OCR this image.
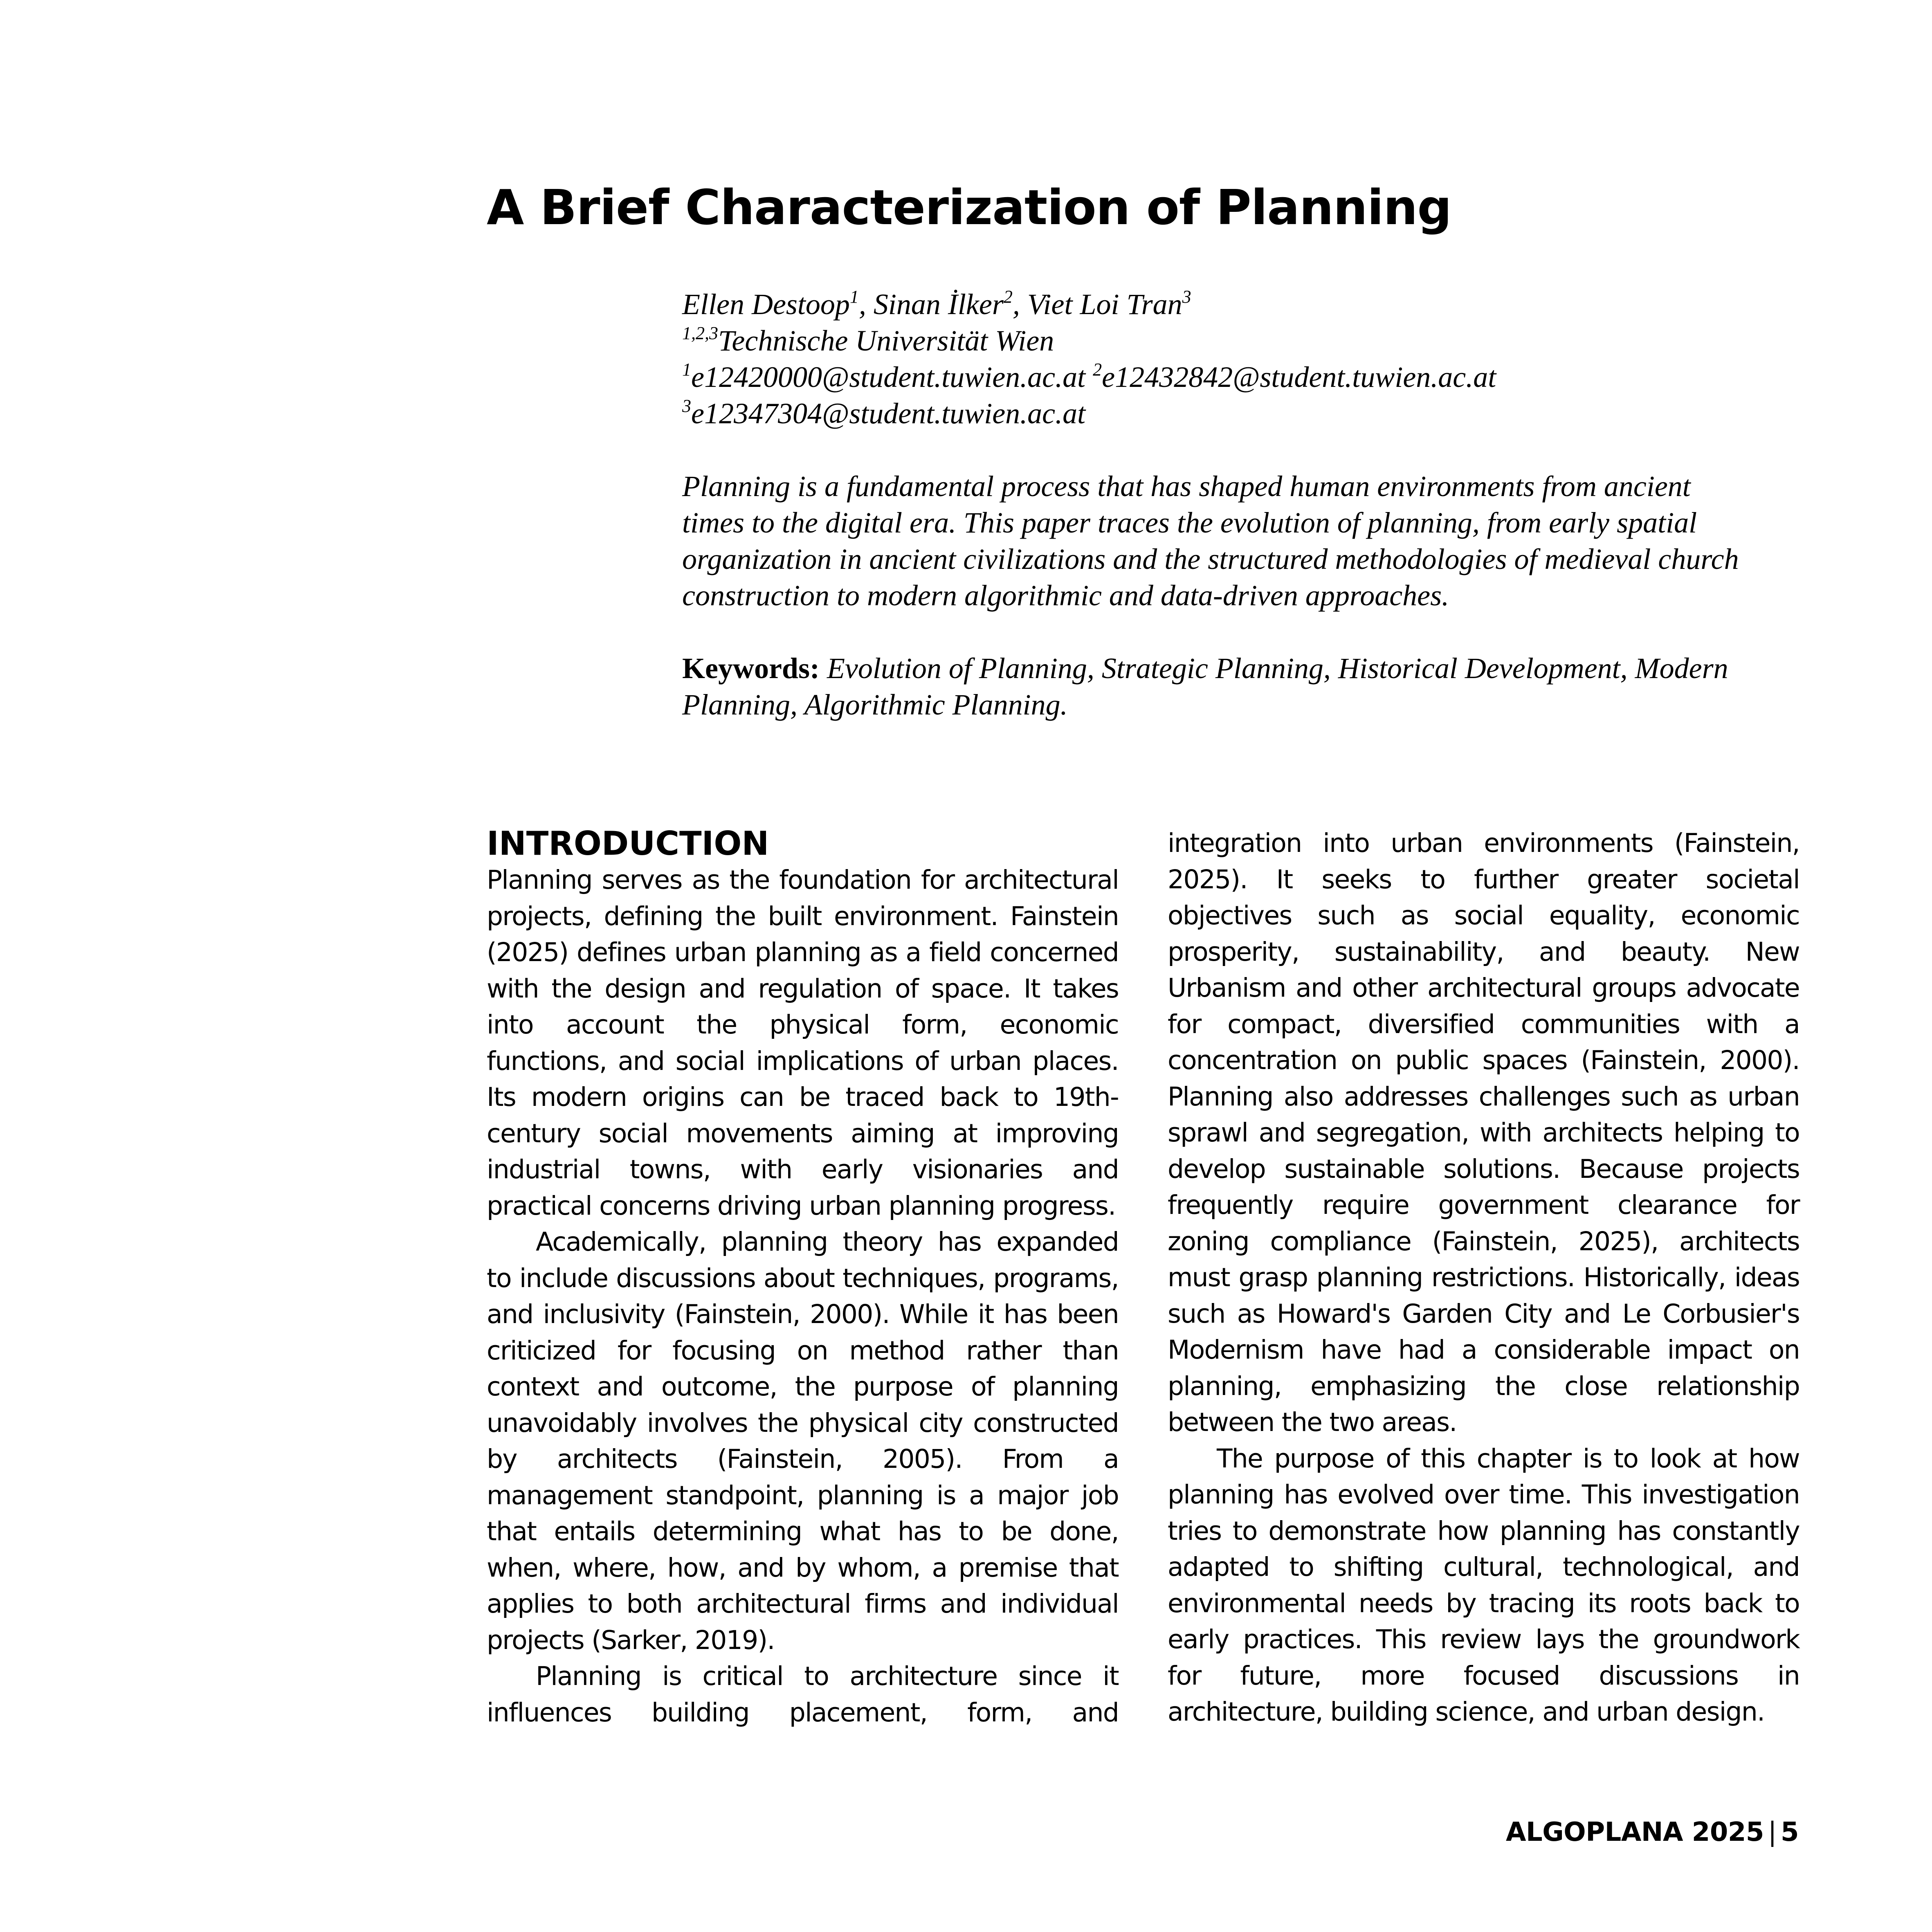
A Brief Characterization of Planning
Ellen Destoop$^1$, Sinan İlker$^2$, Viet Loi Tran$^3$
$^{1,2,3}$Technische Universität Wien
$^1$e12420000@student.tuwien.ac.at $^2$e12432842@student.tuwien.ac.at
$^3$e12347304@student.tuwien.ac.at
Planning is a fundamental process that has shaped human environments from ancient
times to the digital era. This paper traces the evolution of planning, from early spatial
organization in ancient civilizations and the structured methodologies of medieval church
construction to modern algorithmic and data-driven approaches.
Keywords: Evolution of Planning, Strategic Planning, Historical Development, Modern
Planning, Algorithmic Planning.
INTRODUCTION

Planning serves as the foundation for architectural projects, defining the built environment. Fainstein (2025) defines urban planning as a field concerned with the design and regulation of space. It takes into account the physical form, economic functions, and social implications of urban places. Its modern origins can be traced back to 19th-century social movements aiming at improving industrial towns, with early visionaries and practical concerns driving urban planning progress.

Academically, planning theory has expanded to include discussions about techniques, programs, and inclusivity (Fainstein, 2000). While it has been criticized for focusing on method rather than context and outcome, the purpose of planning unavoidably involves the physical city constructed by architects (Fainstein, 2005). From a management standpoint, planning is a major job that entails determining what has to be done, when, where, how, and by whom, a premise that applies to both architectural firms and individual projects (Sarker, 2019).

Planning is critical to architecture since it influences building placement, form, and

integration into urban environments (Fainstein, 2025). It seeks to further greater societal objectives such as social equality, economic prosperity, sustainability, and beauty. New Urbanism and other architectural groups advocate for compact, diversified communities with a concentration on public spaces (Fainstein, 2000). Planning also addresses challenges such as urban sprawl and segregation, with architects helping to develop sustainable solutions. Because projects frequently require government clearance for zoning compliance (Fainstein, 2025), architects must grasp planning restrictions. Historically, ideas such as Howard's Garden City and Le Corbusier's Modernism have had a considerable impact on planning, emphasizing the close relationship between the two areas.

The purpose of this chapter is to look at how planning has evolved over time. This investigation tries to demonstrate how planning has constantly adapted to shifting cultural, technological, and environmental needs by tracing its roots back to early practices. This review lays the groundwork for future, more focused discussions in architecture, building science, and urban design.

ALGOPLANA 2025 | 5
